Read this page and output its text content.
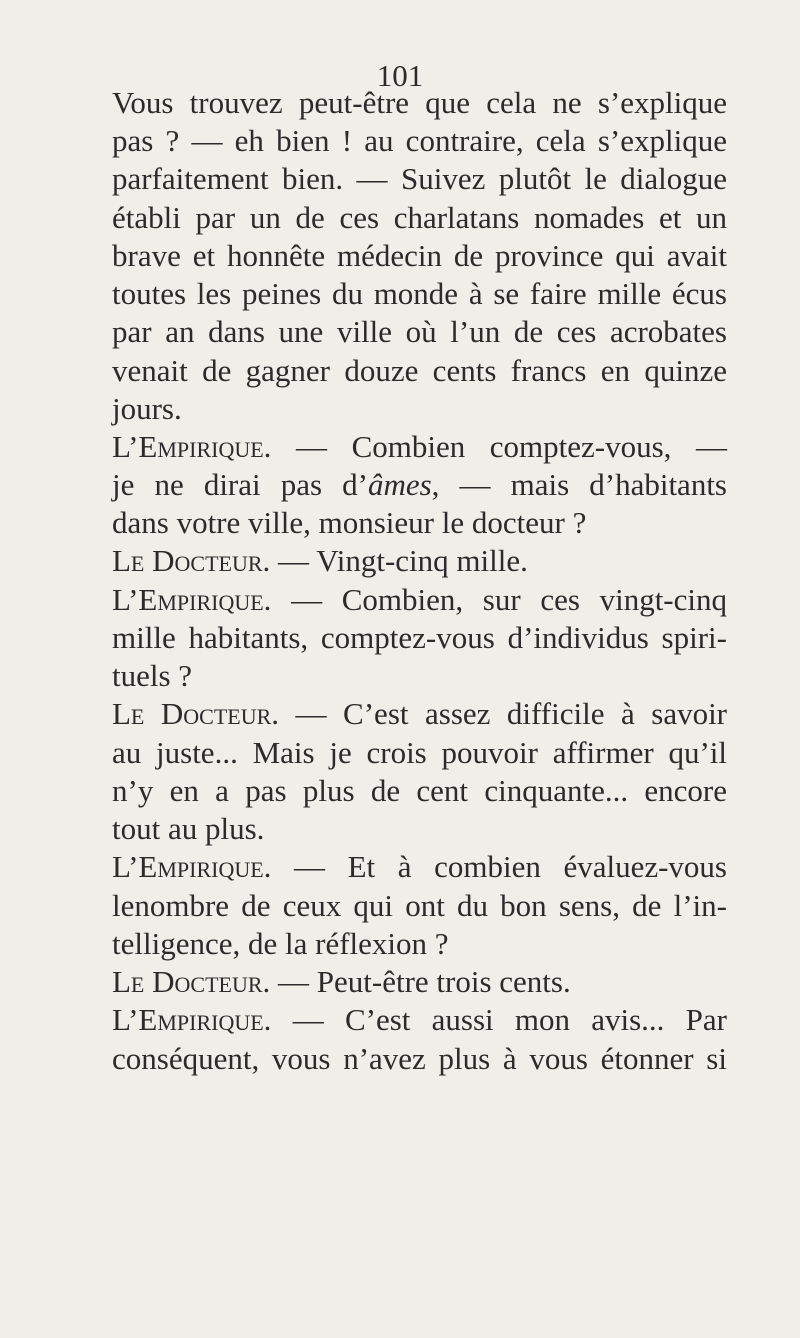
101
Vous trouvez peut-être que cela ne s’explique
pas ? — eh bien ! au contraire, cela s’explique
parfaitement bien. — Suivez plutôt le dialogue
établi par un de ces charlatans nomades et un
brave et honnête médecin de province qui avait
toutes les peines du monde à se faire mille écus
par an dans une ville où l’un de ces acrobates
venait de gagner douze cents francs en quinze
jours.
L’Empirique. — Combien comptez-vous, —
je ne dirai pas d’âmes, — mais d’habitants
dans votre ville, monsieur le docteur ?
Le Docteur. — Vingt-cinq mille.
L’Empirique. — Combien, sur ces vingt-cinq
mille habitants, comptez-vous d’individus spiri-
tuels ?
Le Docteur. — C’est assez difficile à savoir
au juste... Mais je crois pouvoir affirmer qu’il
n’y en a pas plus de cent cinquante... encore
tout au plus.
L’Empirique. — Et à combien évaluez-vous
lenombre de ceux qui ont du bon sens, de l’in-
telligence, de la réflexion ?
Le Docteur. — Peut-être trois cents.
L’Empirique. — C’est aussi mon avis... Par
conséquent, vous n’avez plus à vous étonner si
